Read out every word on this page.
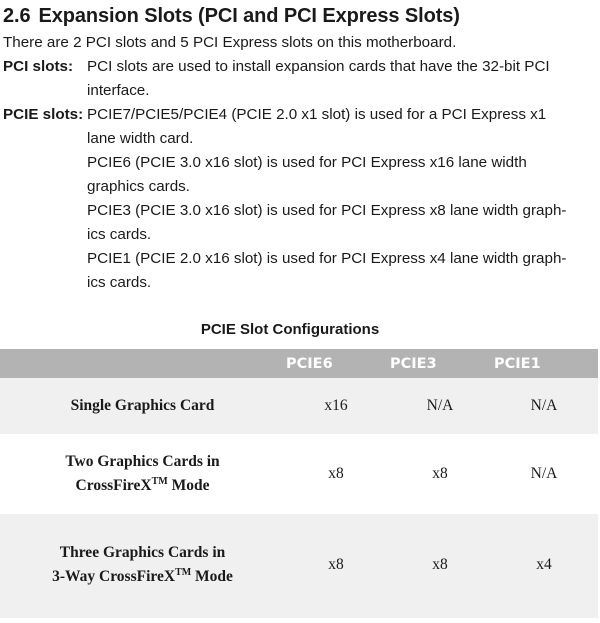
2.6 Expansion Slots (PCI and PCI Express Slots)
There are 2 PCI slots and 5 PCI Express slots on this motherboard.
PCI slots: PCI slots are used to install expansion cards that have the 32-bit PCI
interface.
PCIE slots: PCIE7/PCIE5/PCIE4 (PCIE 2.0 x1 slot) is used for a PCI Express x1
lane width card.
PCIE6 (PCIE 3.0 x16 slot) is used for PCI Express x16 lane width
graphics cards.
PCIE3 (PCIE 3.0 x16 slot) is used for PCI Express x8 lane width graph-
ics cards.
PCIE1 (PCIE 2.0 x16 slot) is used for PCI Express x4 lane width graph-
ics cards.
PCIE Slot Configurations
PCIE6	PCIE3	PCIE1
Single Graphics Card	x16	N/A	N/A
Two Graphics Cards in
CrossFireX™ Mode
x8	x8	N/A
Three Graphics Cards in
3-Way CrossFireX™ Mode
x8	x8	x4
